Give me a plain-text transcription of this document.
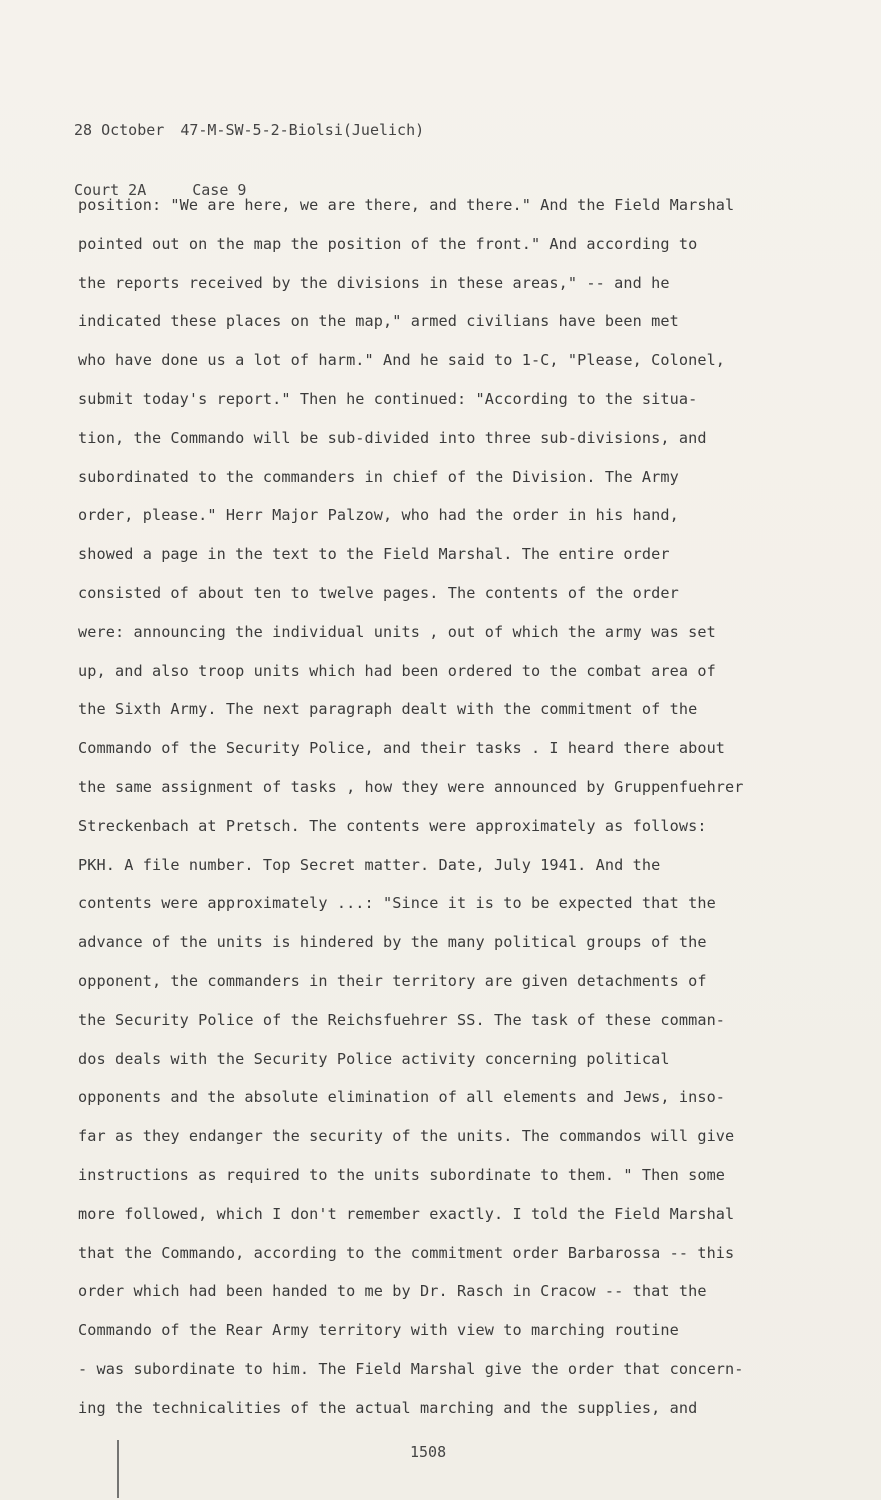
28 October 47-M-SW-5-2-Biolsi(Juelich)

Court 2A	Case 9

position: "We are here, we are there, and there." And the Field Marshal
pointed out on the map the position of the front." And according to
the reports received by the divisions in these areas," -- and he
indicated these places on the map," armed civilians have been met
who have done us a lot of harm." And he said to 1-C, "Please, Colonel,
submit today's report." Then he continued: "According to the situa-
tion, the Commando will be sub-divided into three sub-divisions, and
subordinated to the commanders in chief of the Division. The Army
order, please." Herr Major Palzow, who had the order in his hand,
showed a page in the text to the Field Marshal. The entire order
consisted of about ten to twelve pages. The contents of the order
were: announcing the individual units , out of which the army was set
up, and also troop units which had been ordered to the combat area of
the Sixth Army. The next paragraph dealt with the commitment of the
Commando of the Security Police, and their tasks . I heard there about
the same assignment of tasks , how they were announced by Gruppenfuehrer
Streckenbach at Pretsch. The contents were approximately as follows:
PKH. A file number. Top Secret matter. Date, July 1941. And the
contents were approximately ...: "Since it is to be expected that the
advance of the units is hindered by the many political groups of the
opponent, the commanders in their territory are given detachments of
the Security Police of the Reichsfuehrer SS. The task of these comman-
dos deals with the Security Police activity concerning political
opponents and the absolute elimination of all elements and Jews, inso-
far as they endanger the security of the units. The commandos will give
instructions as required to the units subordinate to them. " Then some
more followed, which I don't remember exactly. I told the Field Marshal
that the Commando, according to the commitment order Barbarossa -- this
order which had been handed to me by Dr. Rasch in Cracow -- that the
Commando of the Rear Army territory with view to marching routine
- was subordinate to him. The Field Marshal give the order that concern-
ing the technicalities of the actual marching and the supplies, and
1508
